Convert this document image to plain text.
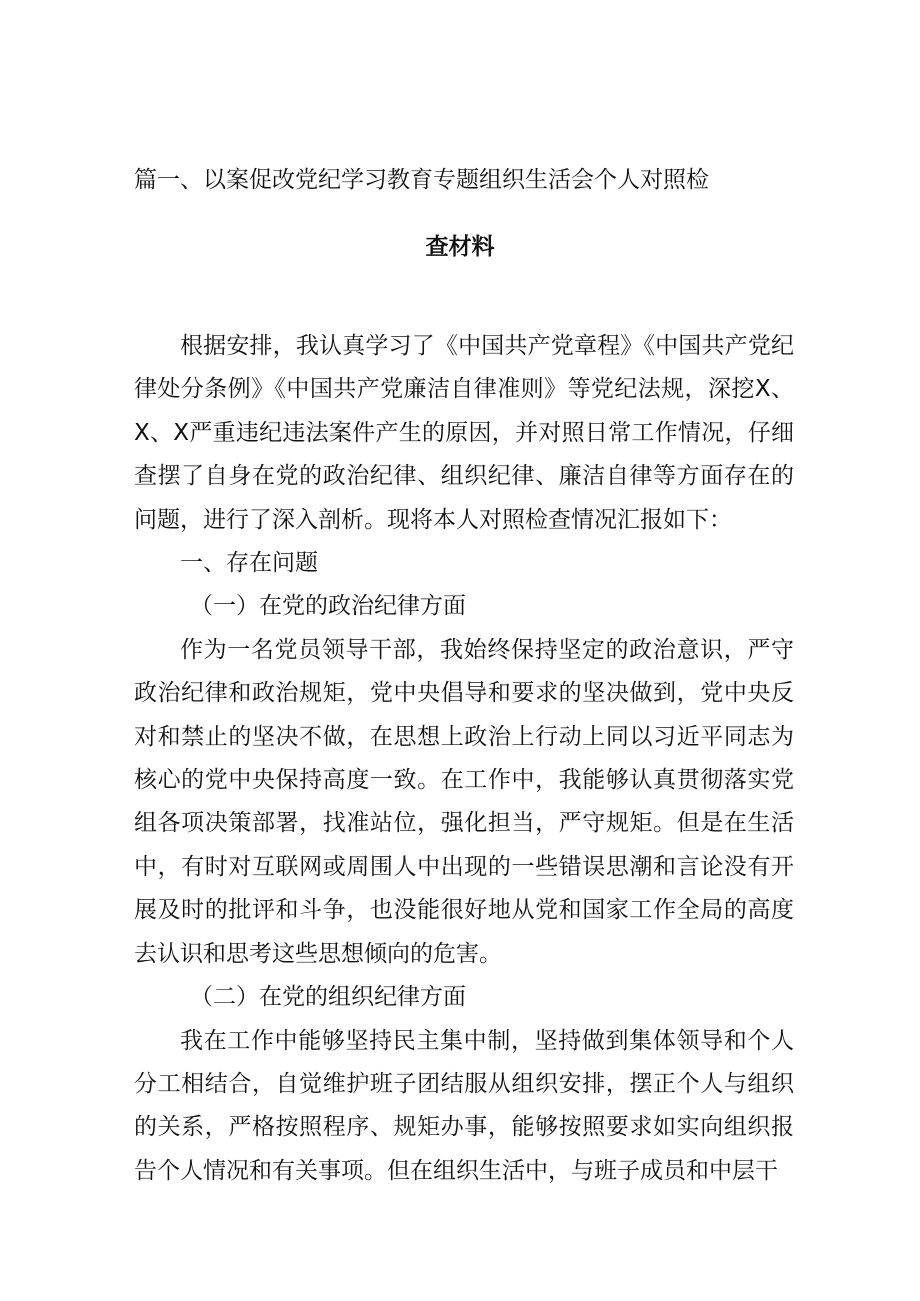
篇一、以案促改党纪学习教育专题组织生活会个人对照检
查材料

根据安排，我认真学习了《中国共产党章程》《中国共产党纪律处分条例》《中国共产党廉洁自律准则》等党纪法规，深挖X、X、X严重违纪违法案件产生的原因，并对照日常工作情况，仔细查摆了自身在党的政治纪律、组织纪律、廉洁自律等方面存在的问题，进行了深入剖析。现将本人对照检查情况汇报如下：

一、存在问题

（一）在党的政治纪律方面

作为一名党员领导干部，我始终保持坚定的政治意识，严守政治纪律和政治规矩，党中央倡导和要求的坚决做到，党中央反对和禁止的坚决不做，在思想上政治上行动上同以习近平同志为核心的党中央保持高度一致。在工作中，我能够认真贯彻落实党组各项决策部署，找准站位，强化担当，严守规矩。但是在生活中，有时对互联网或周围人中出现的一些错误思潮和言论没有开展及时的批评和斗争，也没能很好地从党和国家工作全局的高度去认识和思考这些思想倾向的危害。

（二）在党的组织纪律方面

我在工作中能够坚持民主集中制，坚持做到集体领导和个人分工相结合，自觉维护班子团结服从组织安排，摆正个人与组织的关系，严格按照程序、规矩办事，能够按照要求如实向组织报告个人情况和有关事项。但在组织生活中，与班子成员和中层干
